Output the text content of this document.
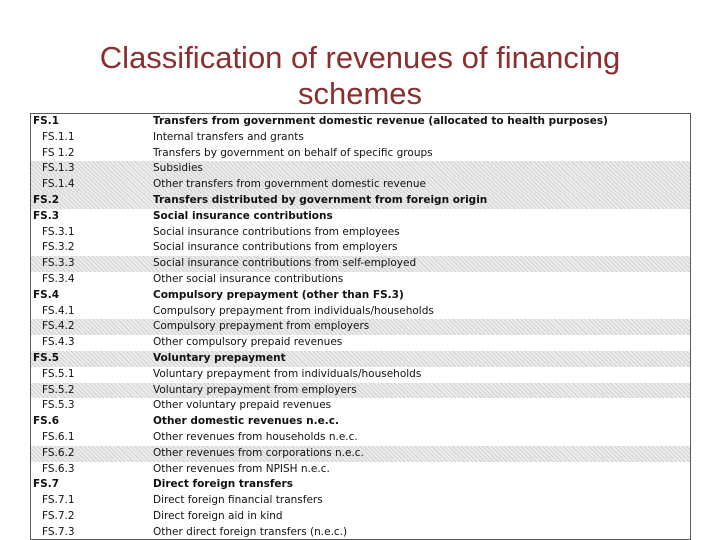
Classification of revenues of financing schemes
FS.1	Transfers from government domestic revenue (allocated to health purposes)
FS.1.1	Internal transfers and grants
FS 1.2	Transfers by government on behalf of specific groups
FS.1.3	Subsidies
FS.1.4	Other transfers from government domestic revenue
FS.2	Transfers distributed by government from foreign origin
FS.3	Social insurance contributions
FS.3.1	Social insurance contributions from employees
FS.3.2	Social insurance contributions from employers
FS.3.3	Social insurance contributions from self-employed
FS.3.4	Other social insurance contributions
FS.4	Compulsory prepayment (other than FS.3)
FS.4.1	Compulsory prepayment from individuals/households
FS.4.2	Compulsory prepayment from employers
FS.4.3	Other compulsory prepaid revenues
FS.5	Voluntary prepayment
FS.5.1	Voluntary prepayment from individuals/households
FS.5.2	Voluntary prepayment from employers
FS.5.3	Other voluntary prepaid revenues
FS.6	Other domestic revenues n.e.c.
FS.6.1	Other revenues from households n.e.c.
FS.6.2	Other revenues from corporations n.e.c.
FS.6.3	Other revenues from NPISH n.e.c.
FS.7	Direct foreign transfers
FS.7.1	Direct foreign financial transfers
FS.7.2	Direct foreign aid in kind
FS.7.3	Other direct foreign transfers (n.e.c.)
